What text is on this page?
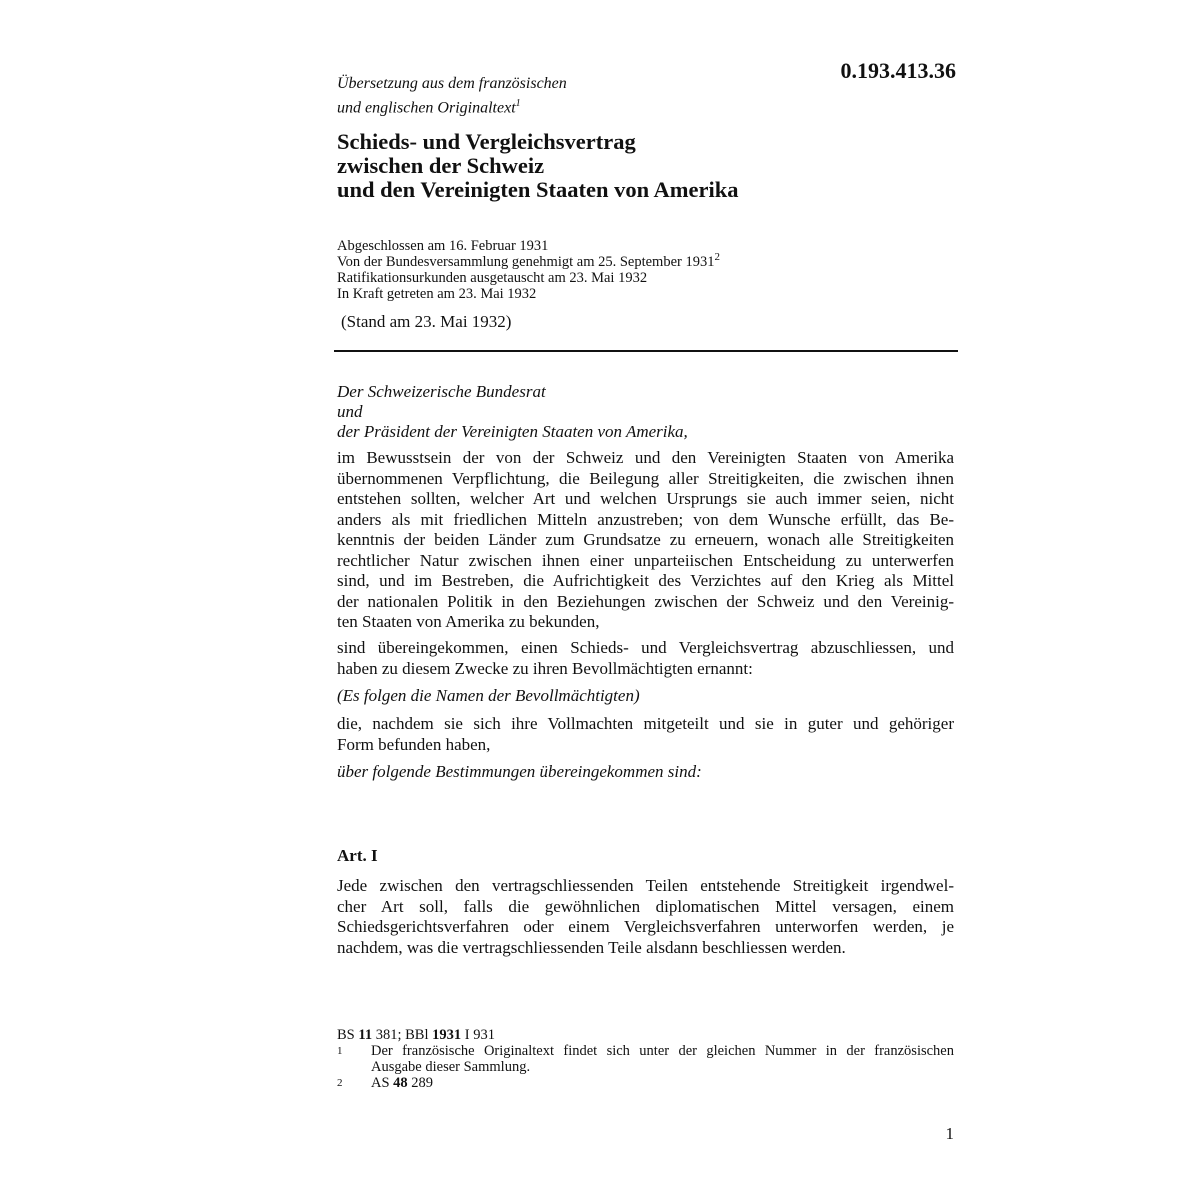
0.193.413.36
Übersetzung aus dem französischen
und englischen Originaltext$^1$
Schieds- und Vergleichsvertrag
zwischen der Schweiz
und den Vereinigten Staaten von Amerika
Abgeschlossen am 16. Februar 1931
Von der Bundesversammlung genehmigt am 25. September 1931$^2$
Ratifikationsurkunden ausgetauscht am 23. Mai 1932
In Kraft getreten am 23. Mai 1932
(Stand am 23. Mai 1932)
Der Schweizerische Bundesrat
und
der Präsident der Vereinigten Staaten von Amerika,
im Bewusstsein der von der Schweiz und den Vereinigten Staaten von Amerika
übernommenen Verpflichtung, die Beilegung aller Streitigkeiten, die zwischen ihnen
entstehen sollten, welcher Art und welchen Ursprungs sie auch immer seien, nicht
anders als mit friedlichen Mitteln anzustreben; von dem Wunsche erfüllt, das Be-
kenntnis der beiden Länder zum Grundsatze zu erneuern, wonach alle Streitigkeiten
rechtlicher Natur zwischen ihnen einer unparteiischen Entscheidung zu unterwerfen
sind, und im Bestreben, die Aufrichtigkeit des Verzichtes auf den Krieg als Mittel
der nationalen Politik in den Beziehungen zwischen der Schweiz und den Vereinig-
ten Staaten von Amerika zu bekunden,
sind übereingekommen, einen Schieds- und Vergleichsvertrag abzuschliessen, und
haben zu diesem Zwecke zu ihren Bevollmächtigten ernannt:
(Es folgen die Namen der Bevollmächtigten)
die, nachdem sie sich ihre Vollmachten mitgeteilt und sie in guter und gehöriger
Form befunden haben,
über folgende Bestimmungen übereingekommen sind:
Art. I
Jede zwischen den vertragschliessenden Teilen entstehende Streitigkeit irgendwel-
cher Art soll, falls die gewöhnlichen diplomatischen Mittel versagen, einem
Schiedsgerichtsverfahren oder einem Vergleichsverfahren unterworfen werden, je
nachdem, was die vertragschliessenden Teile alsdann beschliessen werden.
BS 11 381; BBl 1931 I 931
1	Der französische Originaltext findet sich unter der gleichen Nummer in der französischen
Ausgabe dieser Sammlung.
2	AS 48 289
1
